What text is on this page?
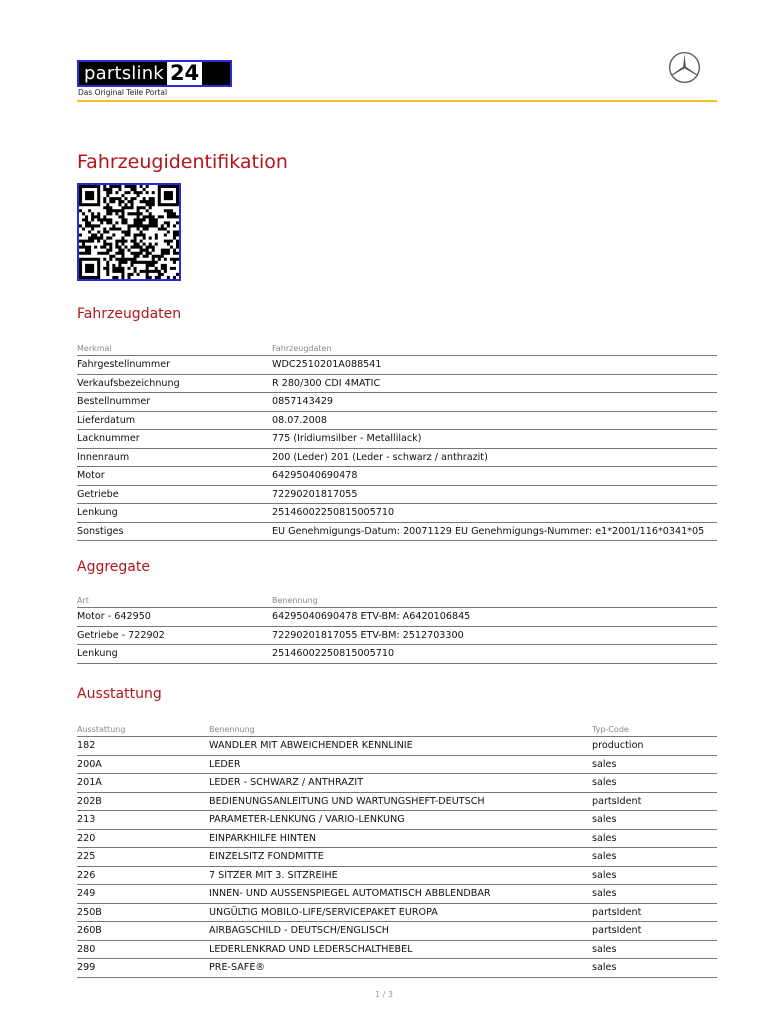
partslink 24
Das Original Teile Portal
Fahrzeugidentifikation
Fahrzeugdaten
Merkmal	Fahrzeugdaten
Fahrgestellnummer	WDC2510201A088541
Verkaufsbezeichnung	R 280/300 CDI 4MATIC
Bestellnummer	0857143429
Lieferdatum	08.07.2008
Lacknummer	775 (Iridiumsilber - Metallilack)
Innenraum	200 (Leder) 201 (Leder - schwarz / anthrazit)
Motor	64295040690478
Getriebe	72290201817055
Lenkung	25146002250815005710
Sonstiges	EU Genehmigungs-Datum: 20071129 EU Genehmigungs-Nummer: e1*2001/116*0341*05
Aggregate
Art	Benennung
Motor - 642950	64295040690478 ETV-BM: A6420106845
Getriebe - 722902	72290201817055 ETV-BM: 2512703300
Lenkung	25146002250815005710
Ausstattung
Ausstattung	Benennung	Typ-Code
182	WANDLER MIT ABWEICHENDER KENNLINIE	production
200A	LEDER	sales
201A	LEDER - SCHWARZ / ANTHRAZIT	sales
202B	BEDIENUNGSANLEITUNG UND WARTUNGSHEFT-DEUTSCH	partsIdent
213	PARAMETER-LENKUNG / VARIO-LENKUNG	sales
220	EINPARKHILFE HINTEN	sales
225	EINZELSITZ FONDMITTE	sales
226	7 SITZER MIT 3. SITZREIHE	sales
249	INNEN- UND AUSSENSPIEGEL AUTOMATISCH ABBLENDBAR	sales
250B	UNGÜLTIG MOBILO-LIFE/SERVICEPAKET EUROPA	partsIdent
260B	AIRBAGSCHILD - DEUTSCH/ENGLISCH	partsIdent
280	LEDERLENKRAD UND LEDERSCHALTHEBEL	sales
299	PRE-SAFE®	sales
1 / 3
